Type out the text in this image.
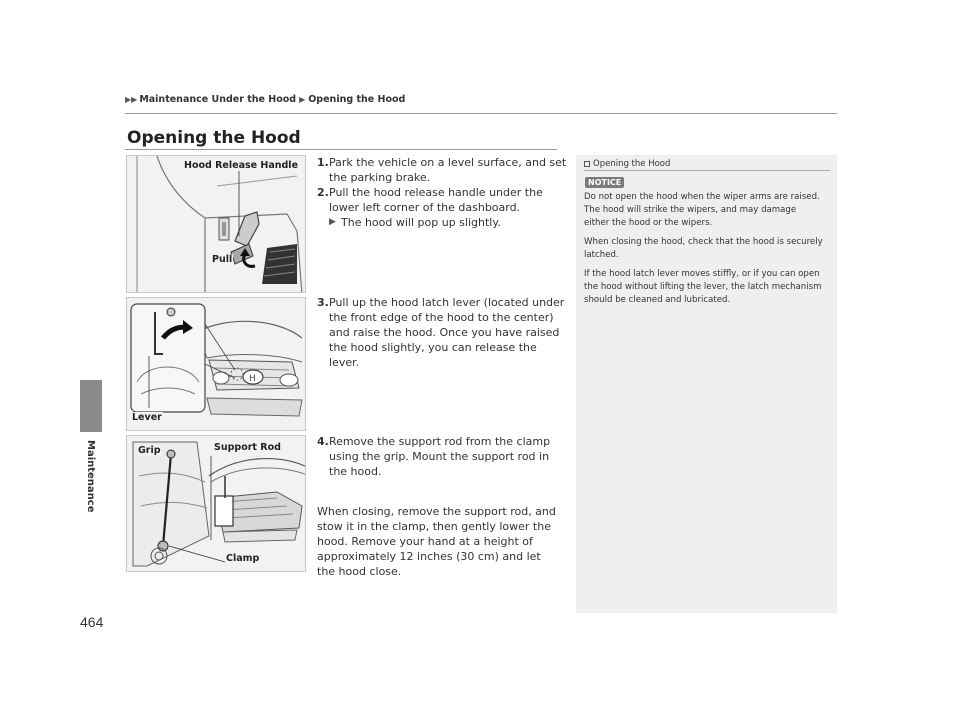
▶▶ Maintenance Under the Hood ▶ Opening the Hood
Maintenance
464
Opening the Hood
Hood Release Handle
Pull
H
Lever
Grip	Support Rod
Clamp
1. Park the vehicle on a level surface, and set the parking brake.
2. Pull the hood release handle under the lower left corner of the dashboard.
▶ The hood will pop up slightly.
3. Pull up the hood latch lever (located under the front edge of the hood to the center) and raise the hood. Once you have raised the hood slightly, you can release the lever.
4. Remove the support rod from the clamp using the grip. Mount the support rod in the hood.
When closing, remove the support rod, and stow it in the clamp, then gently lower the hood. Remove your hand at a height of approximately 12 inches (30 cm) and let the hood close.
Opening the Hood
NOTICE

Do not open the hood when the wiper arms are raised.
The hood will strike the wipers, and may damage either the hood or the wipers.

When closing the hood, check that the hood is securely latched.

If the hood latch lever moves stiffly, or if you can open the hood without lifting the lever, the latch mechanism should be cleaned and lubricated.
